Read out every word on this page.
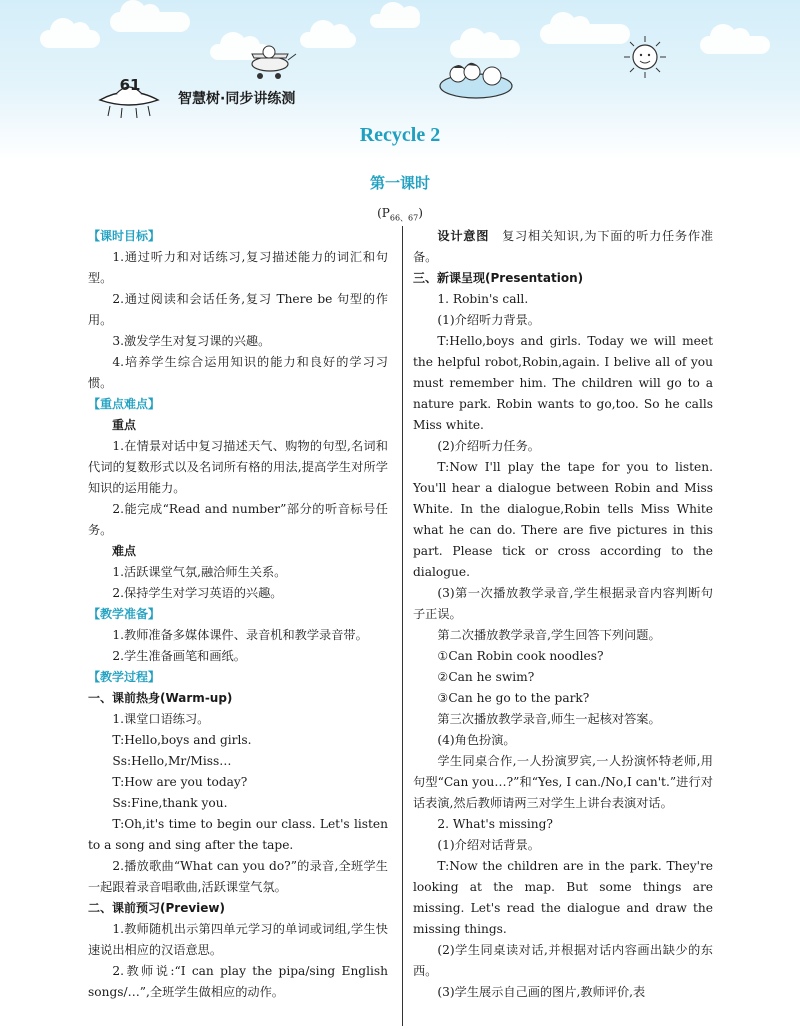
61
智慧树·同步讲练测
Recycle 2
第一课时
$(P_{66、67})$

【课时目标】

1.通过听力和对话练习,复习描述能力的词汇和句型。

2.通过阅读和会话任务,复习 There be 句型的作用。

3.激发学生对复习课的兴趣。

4.培养学生综合运用知识的能力和良好的学习习惯。

【重点难点】

重点

1.在情景对话中复习描述天气、购物的句型,名词和代词的复数形式以及名词所有格的用法,提高学生对所学知识的运用能力。

2.能完成“Read and number”部分的听音标号任务。

难点

1.活跃课堂气氛,融洽师生关系。

2.保持学生对学习英语的兴趣。

【教学准备】

1.教师准备多媒体课件、录音机和教学录音带。

2.学生准备画笔和画纸。

【教学过程】

一、课前热身(Warm-up)

1.课堂口语练习。

T:Hello,boys and girls.

Ss:Hello,Mr/Miss…

T:How are you today?

Ss:Fine,thank you.

T:Oh,it's time to begin our class. Let's listen to a song and sing after the tape.

2.播放歌曲“What can you do?”的录音,全班学生一起跟着录音唱歌曲,活跃课堂气氛。

二、课前预习(Preview)

1.教师随机出示第四单元学习的单词或词组,学生快速说出相应的汉语意思。

2.教师说:“I can play the pipa/sing English songs/…”,全班学生做相应的动作。

设计意图　 复习相关知识,为下面的听力任务作准备。

三、新课呈现(Presentation)

1. Robin's call.

(1)介绍听力背景。

T:Hello,boys and girls. Today we will meet the helpful robot,Robin,again. I belive all of you must remember him. The children will go to a nature park. Robin wants to go,too. So he calls Miss white.

(2)介绍听力任务。

T:Now I'll play the tape for you to listen. You'll hear a dialogue between Robin and Miss White. In the dialogue,Robin tells Miss White what he can do. There are five pictures in this part. Please tick or cross according to the dialogue.

(3)第一次播放教学录音,学生根据录音内容判断句子正误。

第二次播放教学录音,学生回答下列问题。

①Can Robin cook noodles?

②Can he swim?

③Can he go to the park?

第三次播放教学录音,师生一起核对答案。

(4)角色扮演。

学生同桌合作,一人扮演罗宾,一人扮演怀特老师,用句型“Can you…?”和“Yes, I can./No,I can't.”进行对话表演,然后教师请两三对学生上讲台表演对话。

2. What's missing?

(1)介绍对话背景。

T:Now the children are in the park. They're looking at the map. But some things are missing. Let's read the dialogue and draw the missing things.

(2)学生同桌读对话,并根据对话内容画出缺少的东西。

(3)学生展示自己画的图片,教师评价,表
